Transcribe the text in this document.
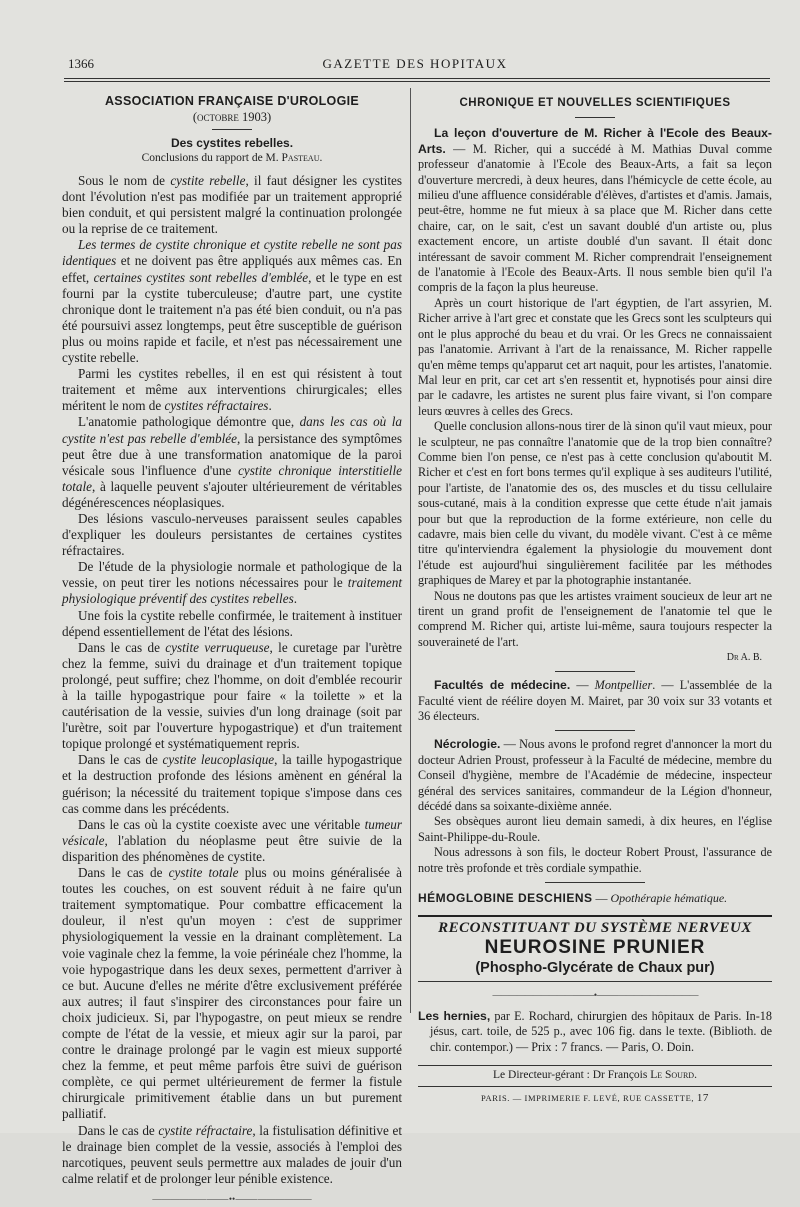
1366	GAZETTE DES HOPITAUX
ASSOCIATION FRANÇAISE D'UROLOGIE
(octobre 1903)
Des cystites rebelles.
Conclusions du rapport de M. Pasteau.

Sous le nom de cystite rebelle, il faut désigner les cystites dont l'évolution n'est pas modifiée par un traitement approprié bien conduit, et qui persistent malgré la continuation prolongée ou la reprise de ce traitement.

Les termes de cystite chronique et cystite rebelle ne sont pas identiques et ne doivent pas être appliqués aux mêmes cas. En effet, certaines cystites sont rebelles d'emblée, et le type en est fourni par la cystite tuberculeuse; d'autre part, une cystite chronique dont le traitement n'a pas été bien conduit, ou n'a pas été poursuivi assez longtemps, peut être susceptible de guérison plus ou moins rapide et facile, et n'est pas nécessairement une cystite rebelle.

Parmi les cystites rebelles, il en est qui résistent à tout traitement et même aux interventions chirurgicales; elles méritent le nom de cystites réfractaires.

L'anatomie pathologique démontre que, dans les cas où la cystite n'est pas rebelle d'emblée, la persistance des symptômes peut être due à une transformation anatomique de la paroi vésicale sous l'influence d'une cystite chronique interstitielle totale, à laquelle peuvent s'ajouter ultérieurement de véritables dégénérescences néoplasiques.

Des lésions vasculo-nerveuses paraissent seules capables d'expliquer les douleurs persistantes de certaines cystites réfractaires.

De l'étude de la physiologie normale et pathologique de la vessie, on peut tirer les notions nécessaires pour le traitement physiologique préventif des cystites rebelles.

Une fois la cystite rebelle confirmée, le traitement à instituer dépend essentiellement de l'état des lésions.

Dans le cas de cystite verruqueuse, le curetage par l'urètre chez la femme, suivi du drainage et d'un traitement topique prolongé, peut suffire; chez l'homme, on doit d'emblée recourir à la taille hypogastrique pour faire « la toilette » et la cautérisation de la vessie, suivies d'un long drainage (soit par l'urètre, soit par l'ouverture hypogastrique) et d'un traitement topique prolongé et systématiquement repris.

Dans le cas de cystite leucoplasique, la taille hypogastrique et la destruction profonde des lésions amènent en général la guérison; la nécessité du traitement topique s'impose dans ces cas comme dans les précédents.

Dans le cas où la cystite coexiste avec une véritable tumeur vésicale, l'ablation du néoplasme peut être suivie de la disparition des phénomènes de cystite.

Dans le cas de cystite totale plus ou moins généralisée à toutes les couches, on est souvent réduit à ne faire qu'un traitement symptomatique. Pour combattre efficacement la douleur, il n'est qu'un moyen : c'est de supprimer physiologiquement la vessie en la drainant complètement. La voie vaginale chez la femme, la voie périnéale chez l'homme, la voie hypogastrique dans les deux sexes, permettent d'arriver à ce but. Aucune d'elles ne mérite d'être exclusivement préférée aux autres; il faut s'inspirer des circonstances pour faire un choix judicieux. Si, par l'hypogastre, on peut mieux se rendre compte de l'état de la vessie, et mieux agir sur la paroi, par contre le drainage prolongé par le vagin est mieux supporté chez la femme, et peut même parfois être suivi de guérison complète, ce qui permet ultérieurement de fermer la fistule chirurgicale primitivement établie dans un but purement palliatif.

Dans le cas de cystite réfractaire, la fistulisation définitive et le drainage bien complet de la vessie, associés à l'emploi des narcotiques, peuvent seuls permettre aux malades de jouir d'un calme relatif et de prolonger leur pénible existence.

——————⸻••⸻——————
CHRONIQUE ET NOUVELLES SCIENTIFIQUES

La leçon d'ouverture de M. Richer à l'Ecole des Beaux-Arts. — M. Richer, qui a succédé à M. Mathias Duval comme professeur d'anatomie à l'Ecole des Beaux-Arts, a fait sa leçon d'ouverture mercredi, à deux heures, dans l'hémicycle de cette école, au milieu d'une affluence considérable d'élèves, d'artistes et d'amis. Jamais, peut-être, homme ne fut mieux à sa place que M. Richer dans cette chaire, car, on le sait, c'est un savant doublé d'un artiste ou, plus exactement encore, un artiste doublé d'un savant. Il était donc intéressant de savoir comment M. Richer comprendrait l'enseignement de l'anatomie à l'Ecole des Beaux-Arts. Il nous semble bien qu'il l'a compris de la façon la plus heureuse.

Après un court historique de l'art égyptien, de l'art assyrien, M. Richer arrive à l'art grec et constate que les Grecs sont les sculpteurs qui ont le plus approché du beau et du vrai. Or les Grecs ne connaissaient pas l'anatomie. Arrivant à l'art de la renaissance, M. Richer rappelle qu'en même temps qu'apparut cet art naquit, pour les artistes, l'anatomie. Mal leur en prit, car cet art s'en ressentit et, hypnotisés pour ainsi dire par le cadavre, les artistes ne surent plus faire vivant, si l'on compare leurs œuvres à celles des Grecs.

Quelle conclusion allons-nous tirer de là sinon qu'il vaut mieux, pour le sculpteur, ne pas connaître l'anatomie que de la trop bien connaître? Comme bien l'on pense, ce n'est pas à cette conclusion qu'aboutit M. Richer et c'est en fort bons termes qu'il explique à ses auditeurs l'utilité, pour l'artiste, de l'anatomie des os, des muscles et du tissu cellulaire sous-cutané, mais à la condition expresse que cette étude n'ait jamais pour but que la reproduction de la forme extérieure, non celle du cadavre, mais bien celle du vivant, du modèle vivant. C'est à ce même titre qu'interviendra également la physiologie du mouvement dont l'étude est aujourd'hui singulièrement facilitée par les méthodes graphiques de Marey et par la photographie instantanée.

Nous ne doutons pas que les artistes vraiment soucieux de leur art ne tirent un grand profit de l'enseignement de l'anatomie tel que le comprend M. Richer qui, artiste lui-même, saura toujours respecter la souveraineté de l'art.

Dr A. B.

Facultés de médecine. — Montpellier. — L'assemblée de la Faculté vient de réélire doyen M. Mairet, par 30 voix sur 33 votants et 36 électeurs.

Nécrologie. — Nous avons le profond regret d'annoncer la mort du docteur Adrien Proust, professeur à la Faculté de médecine, membre du Conseil d'hygiène, membre de l'Académie de médecine, inspecteur général des services sanitaires, commandeur de la Légion d'honneur, décédé dans sa soixante-dixième année.

Ses obsèques auront lieu demain samedi, à dix heures, en l'église Saint-Philippe-du-Roule.

Nous adressons à son fils, le docteur Robert Proust, l'assurance de notre très profonde et très cordiale sympathie.

HÉMOGLOBINE DESCHIENS — Opothérapie hématique.
RECONSTITUANT DU SYSTÈME NERVEUX
NEUROSINE PRUNIER
(Phospho-Glycérate de Chaux pur)
——————————⸻•⸻——————————

Les hernies, par E. Rochard, chirurgien des hôpitaux de Paris. In-18 jésus, cart. toile, de 525 p., avec 106 fig. dans le texte. (Biblioth. de chir. contempor.) — Prix : 7 francs. — Paris, O. Doin.

Le Directeur-gérant : Dr François Le Sourd.
PARIS. — IMPRIMERIE F. LEVÉ, RUE CASSETTE, 17
